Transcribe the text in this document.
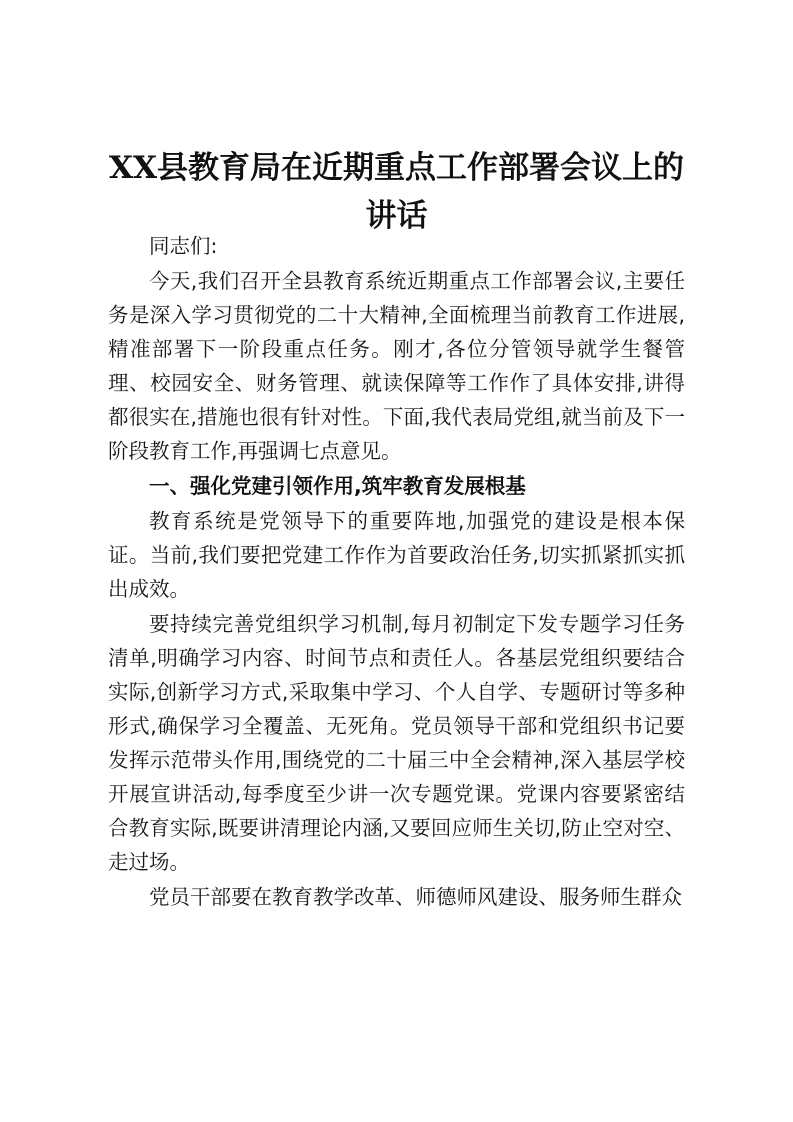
XX县教育局在近期重点工作部署会议上的讲话

同志们:

今天,我们召开全县教育系统近期重点工作部署会议,主要任务是深入学习贯彻党的二十大精神,全面梳理当前教育工作进展,精准部署下一阶段重点任务。刚才,各位分管领导就学生餐管理、校园安全、财务管理、就读保障等工作作了具体安排,讲得都很实在,措施也很有针对性。下面,我代表局党组,就当前及下一阶段教育工作,再强调七点意见。

一、强化党建引领作用,筑牢教育发展根基

教育系统是党领导下的重要阵地,加强党的建设是根本保证。当前,我们要把党建工作作为首要政治任务,切实抓紧抓实抓出成效。

要持续完善党组织学习机制,每月初制定下发专题学习任务清单,明确学习内容、时间节点和责任人。各基层党组织要结合实际,创新学习方式,采取集中学习、个人自学、专题研讨等多种形式,确保学习全覆盖、无死角。党员领导干部和党组织书记要发挥示范带头作用,围绕党的二十届三中全会精神,深入基层学校开展宣讲活动,每季度至少讲一次专题党课。党课内容要紧密结合教育实际,既要讲清理论内涵,又要回应师生关切,防止空对空、走过场。

党员干部要在教育教学改革、师德师风建设、服务师生群众
